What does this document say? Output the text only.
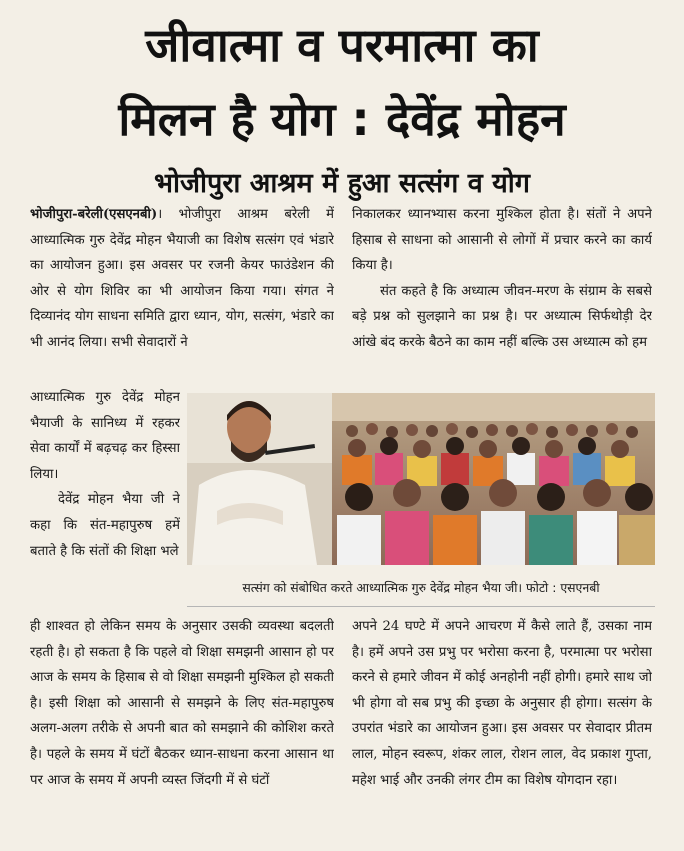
जीवात्मा व परमात्मा का
मिलन है योग : देवेंद्र मोहन
भोजीपुरा आश्रम में हुआ सत्संग व योग

भोजीपुरा-बरेली(एसएनबी)। भोजीपुरा आश्रम बरेली में आध्यात्मिक गुरु देवेंद्र मोहन भैयाजी का विशेष सत्संग एवं भंडारे का आयोजन हुआ। इस अवसर पर रजनी केयर फाउंडेशन की ओर से योग शिविर का भी आयोजन किया गया। संगत ने दिव्यानंद योग साधना समिति द्वारा ध्यान, योग, सत्संग, भंडारे का भी आनंद लिया। सभी सेवादारों ने

आध्यात्मिक गुरु देवेंद्र मोहन भैयाजी के सानिध्य में रहकर सेवा कार्यों में बढ़चढ़ कर हिस्सा लिया।

देवेंद्र मोहन भैया जी ने कहा कि संत-महापुरुष हमें बताते है कि संतों की शिक्षा भले

ही शाश्वत हो लेकिन समय के अनुसार उसकी व्यवस्था बदलती रहती है। हो सकता है कि पहले वो शिक्षा समझनी आसान हो पर आज के समय के हिसाब से वो शिक्षा समझनी मुश्किल हो सकती है। इसी शिक्षा को आसानी से समझने के लिए संत-महापुरुष अलग-अलग तरीके से अपनी बात को समझाने की कोशिश करते है। पहले के समय में घंटों बैठकर ध्यान-साधना करना आसान था पर आज के समय में अपनी व्यस्त जिंदगी में से घंटों

निकालकर ध्यानभ्यास करना मुश्किल होता है। संतों ने अपने हिसाब से साधना को आसानी से लोगों में प्रचार करने का कार्य किया है।

संत कहते है कि अध्यात्म जीवन-मरण के संग्राम के सबसे बड़े प्रश्न को सुलझाने का प्रश्न है। पर अध्यात्म सिर्फथोड़ी देर आंखे बंद करके बैठने का काम नहीं बल्कि उस अध्यात्म को हम

अपने 24 घण्टे में अपने आचरण में कैसे लाते हैं, उसका नाम है। हमें अपने उस प्रभु पर भरोसा करना है, परमात्मा पर भरोसा करने से हमारे जीवन में कोई अनहोनी नहीं होगी। हमारे साथ जो भी होगा वो सब प्रभु की इच्छा के अनुसार ही होगा। सत्संग के उपरांत भंडारे का आयोजन हुआ। इस अवसर पर सेवादार प्रीतम लाल, मोहन स्वरूप, शंकर लाल, रोशन लाल, वेद प्रकाश गुप्ता, महेश भाई और उनकी लंगर टीम का विशेष योगदान रहा।

सत्संग को संबोधित करते आध्यात्मिक गुरु देवेंद्र मोहन भैया जी। फोटो : एसएनबी
